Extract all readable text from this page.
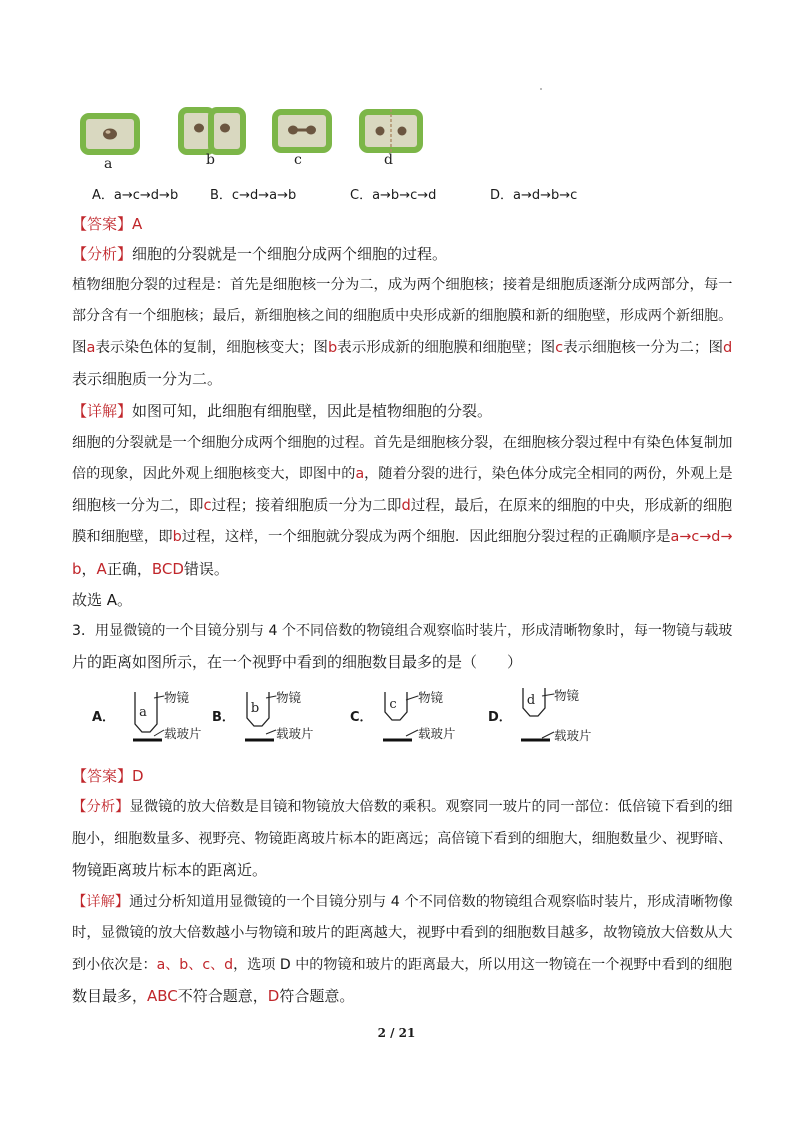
a	b	c	d
A．a→c→d→b B．c→d→a→b	C．a→b→c→d	D．a→d→b→c
【答案】A
【分析】细胞的分裂就是一个细胞分成两个细胞的过程。
植物细胞分裂的过程是：首先是细胞核一分为二，成为两个细胞核；接着是细胞质逐渐分成两部分，每一
部分含有一个细胞核；最后，新细胞核之间的细胞质中央形成新的细胞膜和新的细胞壁，形成两个新细胞。
图a表示染色体的复制，细胞核变大；图b表示形成新的细胞膜和细胞壁；图c表示细胞核一分为二；图d
表示细胞质一分为二。
【详解】如图可知，此细胞有细胞壁，因此是植物细胞的分裂。
细胞的分裂就是一个细胞分成两个细胞的过程。首先是细胞核分裂，在细胞核分裂过程中有染色体复制加
倍的现象，因此外观上细胞核变大，即图中的a，随着分裂的进行，染色体分成完全相同的两份，外观上是
细胞核一分为二，即c过程；接着细胞质一分为二即d过程，最后，在原来的细胞的中央，形成新的细胞
膜和细胞壁，即b过程，这样，一个细胞就分裂成为两个细胞．因此细胞分裂过程的正确顺序是a→c→d→
b，A正确，BCD错误。
故选 A。
3．用显微镜的一个目镜分别与 4 个不同倍数的物镜组合观察临时装片，形成清晰物象时，每一物镜与载玻
片的距离如图所示，在一个视野中看到的细胞数目最多的是（　　）
A． a
物镜
载玻片
B．
b
物镜
载玻片
C．
c 物镜
载玻片
D．
d 物镜
载玻片
【答案】D
【分析】显微镜的放大倍数是目镜和物镜放大倍数的乘积。观察同一玻片的同一部位：低倍镜下看到的细
胞小，细胞数量多、视野亮、物镜距离玻片标本的距离远；高倍镜下看到的细胞大，细胞数量少、视野暗、
物镜距离玻片标本的距离近。
【详解】通过分析知道用显微镜的一个目镜分别与 4 个不同倍数的物镜组合观察临时装片，形成清晰物像
时，显微镜的放大倍数越小与物镜和玻片的距离越大，视野中看到的细胞数目越多，故物镜放大倍数从大
到小依次是：a、b、c、d，选项 D 中的物镜和玻片的距离最大，所以用这一物镜在一个视野中看到的细胞
数目最多，ABC不符合题意，D符合题意。
2 / 21
